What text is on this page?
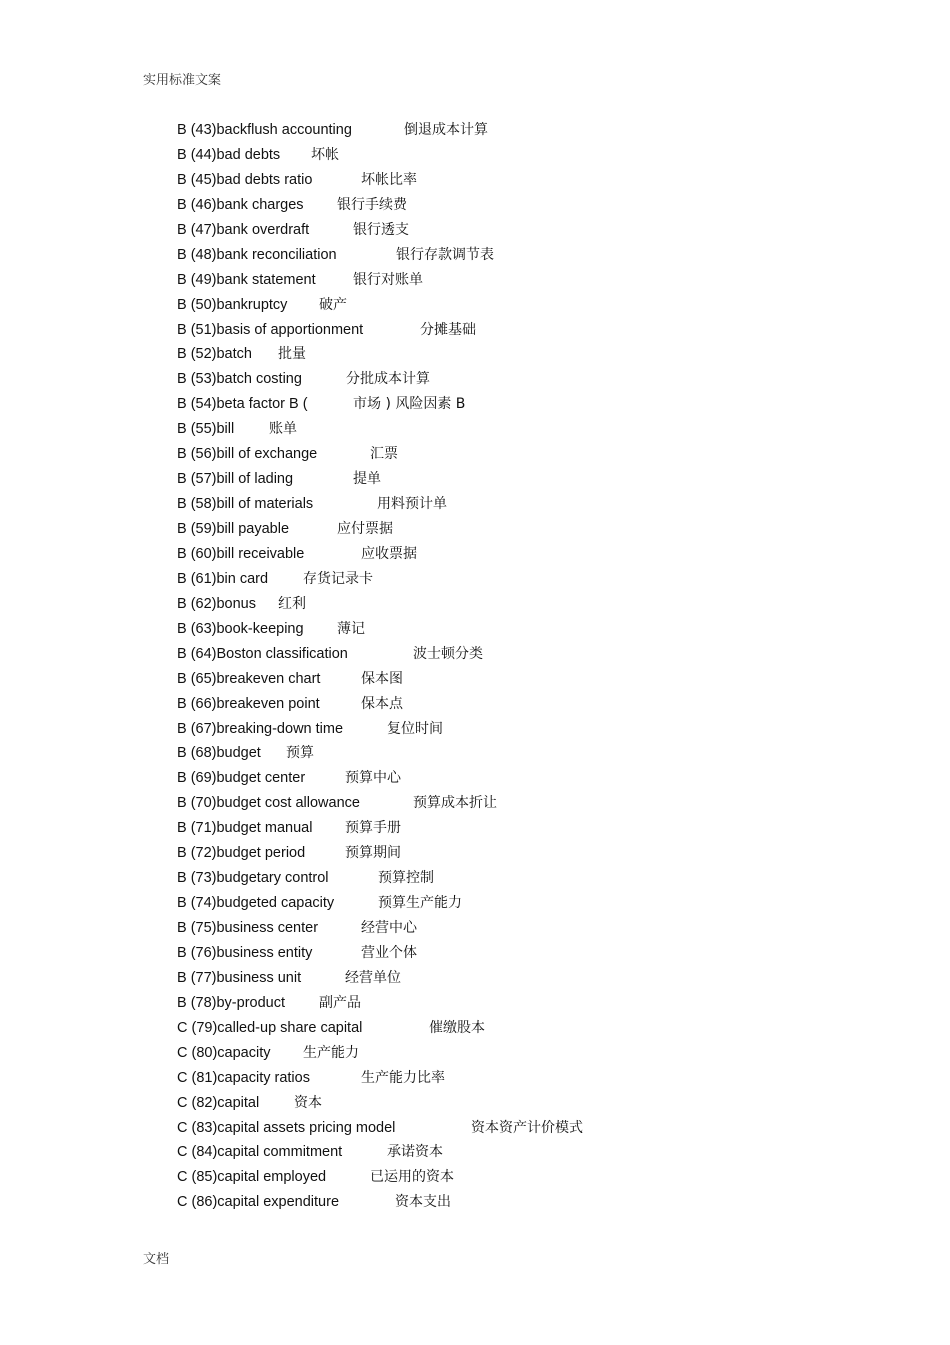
实用标准文案
B (43)backflush accounting	倒退成本计算
B (44)bad debts 坏帐
B (45)bad debts ratio	坏帐比率
B (46)bank charges 银行手续费
B (47)bank overdraft	银行透支
B (48)bank reconciliation	银行存款调节表
B (49)bank statement	银行对账单
B (50)bankruptcy 破产
B (51)basis of apportionment	分摊基础
B (52)batch 批量
B (53)batch costing	分批成本计算
B (54)beta factor B (	市场 ) 风险因素 B
B (55)bill 账单
B (56)bill of exchange	汇票
B (57)bill of lading	提单
B (58)bill of materials	用料预计单
B (59)bill payable	应付票据
B (60)bill receivable	应收票据
B (61)bin card 存货记录卡
B (62)bonus 红利
B (63)book-keeping 薄记
B (64)Boston classification	波士顿分类
B (65)breakeven chart	保本图
B (66)breakeven point	保本点
B (67)breaking-down time	复位时间
B (68)budget 预算
B (69)budget center	预算中心
B (70)budget cost allowance	预算成本折让
B (71)budget manual 预算手册
B (72)budget period	预算期间
B (73)budgetary control	预算控制
B (74)budgeted capacity	预算生产能力
B (75)business center	经营中心
B (76)business entity	营业个体
B (77)business unit	经营单位
B (78)by-product 副产品
C (79)called-up share capital	催缴股本
C (80)capacity 生产能力
C (81)capacity ratios	生产能力比率
C (82)capital 资本
C (83)capital assets pricing model	资本资产计价模式
C (84)capital commitment	承诺资本
C (85)capital employed	已运用的资本
C (86)capital expenditure	资本支出
文档
